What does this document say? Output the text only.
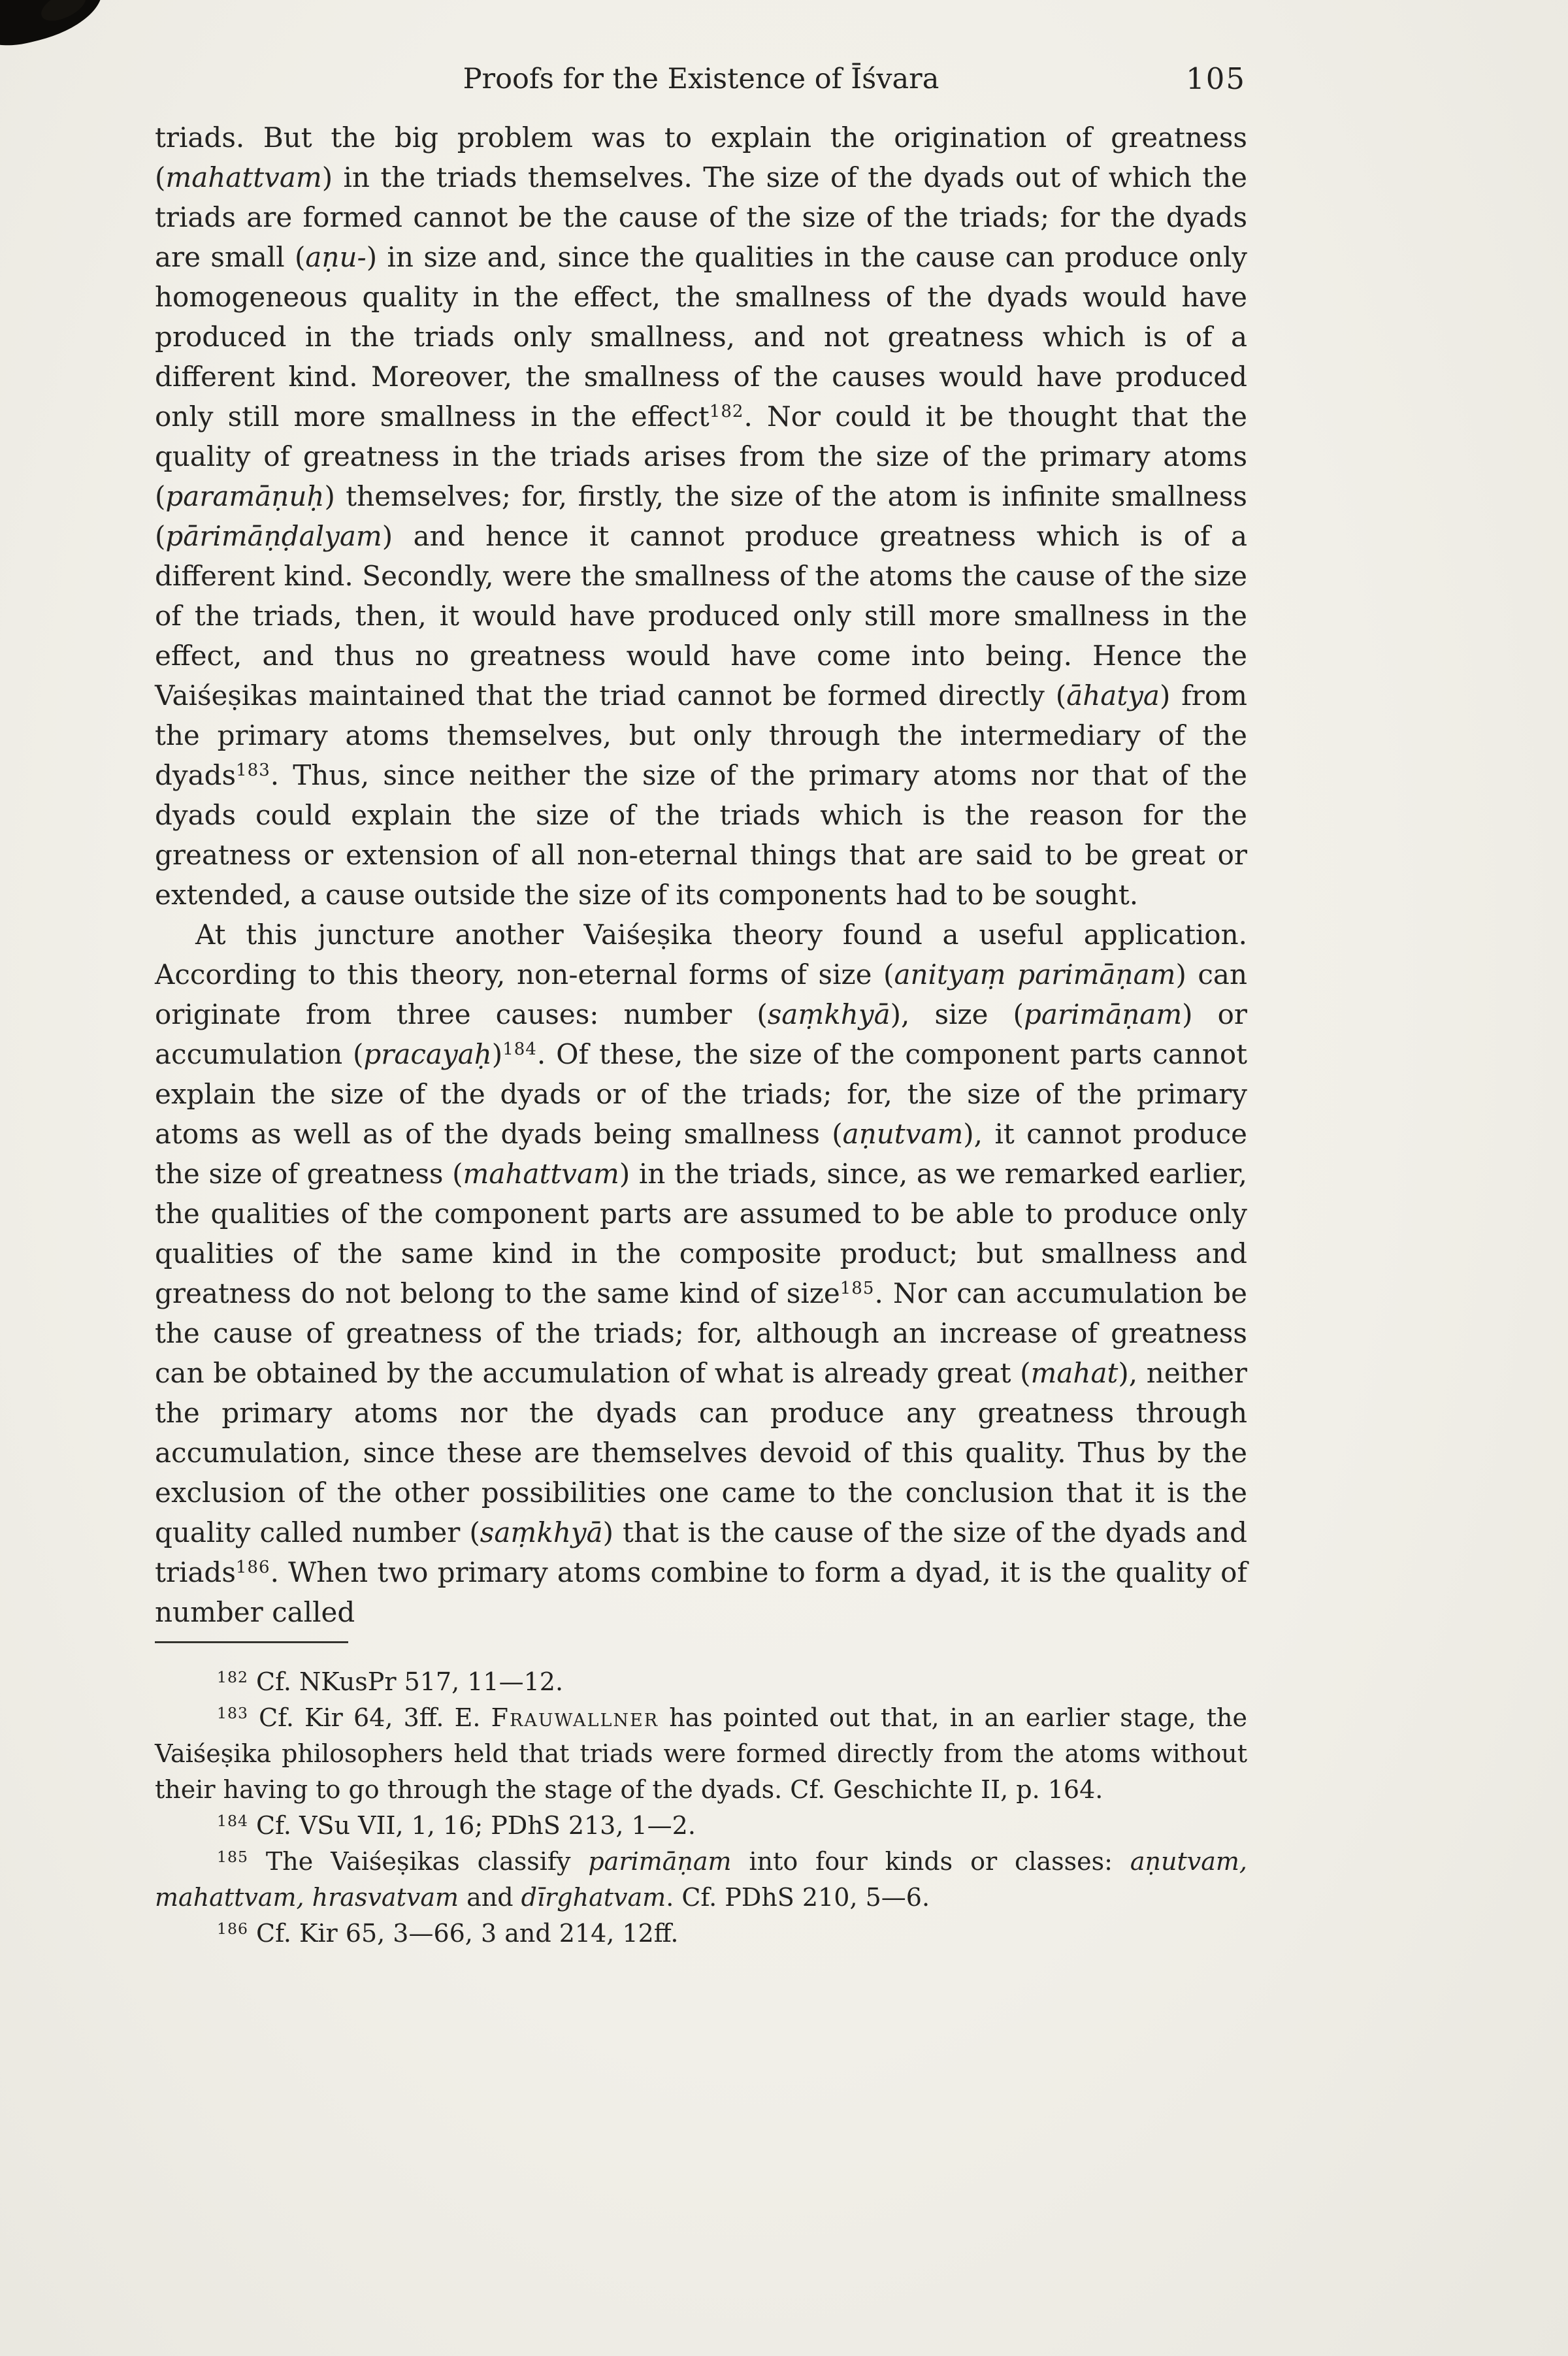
Proofs for the Existence of Īśvara	105

triads. But the big problem was to explain the origination of greatness (mahattvam) in the triads themselves. The size of the dyads out of which the triads are formed cannot be the cause of the size of the triads; for the dyads are small (aṇu-) in size and, since the qualities in the cause can produce only homogeneous quality in the effect, the smallness of the dyads would have produced in the triads only smallness, and not greatness which is of a different kind. Moreover, the smallness of the causes would have produced only still more smallness in the effect$^{182}$. Nor could it be thought that the quality of greatness in the triads arises from the size of the primary atoms (paramāṇuḥ) themselves; for, firstly, the size of the atom is infinite smallness (pārimāṇḍalyam) and hence it cannot produce greatness which is of a different kind. Secondly, were the smallness of the atoms the cause of the size of the triads, then, it would have produced only still more smallness in the effect, and thus no greatness would have come into being. Hence the Vaiśeṣikas maintained that the triad cannot be formed directly (āhatya) from the primary atoms themselves, but only through the intermediary of the dyads$^{183}$. Thus, since neither the size of the primary atoms nor that of the dyads could explain the size of the triads which is the reason for the greatness or extension of all non-eternal things that are said to be great or extended, a cause outside the size of its components had to be sought.

At this juncture another Vaiśeṣika theory found a useful application. According to this theory, non-eternal forms of size (anityaṃ parimāṇam) can originate from three causes: number (saṃkhyā), size (parimāṇam) or accumulation (pracayaḥ)$^{184}$. Of these, the size of the component parts cannot explain the size of the dyads or of the triads; for, the size of the primary atoms as well as of the dyads being smallness (aṇutvam), it cannot produce the size of greatness (mahattvam) in the triads, since, as we remarked earlier, the qualities of the component parts are assumed to be able to produce only qualities of the same kind in the composite product; but smallness and greatness do not belong to the same kind of size$^{185}$. Nor can accumulation be the cause of greatness of the triads; for, although an increase of greatness can be obtained by the accumulation of what is already great (mahat), neither the primary atoms nor the dyads can produce any greatness through accumulation, since these are themselves devoid of this quality. Thus by the exclusion of the other possibilities one came to the conclusion that it is the quality called number (saṃkhyā) that is the cause of the size of the dyads and triads$^{186}$. When two primary atoms combine to form a dyad, it is the quality of number called

$^{182}$ Cf. NKusPr 517, 11—12.

$^{183}$ Cf. Kir 64, 3ff. E. Frauwallner has pointed out that, in an earlier stage, the Vaiśeṣika philosophers held that triads were formed directly from the atoms without their having to go through the stage of the dyads. Cf. Geschichte II, p. 164.

$^{184}$ Cf. VSu VII, 1, 16; PDhS 213, 1—2.

$^{185}$ The Vaiśeṣikas classify parimāṇam into four kinds or classes: aṇutvam, mahattvam, hrasvatvam and dīrghatvam. Cf. PDhS 210, 5—6.

$^{186}$ Cf. Kir 65, 3—66, 3 and 214, 12ff.
